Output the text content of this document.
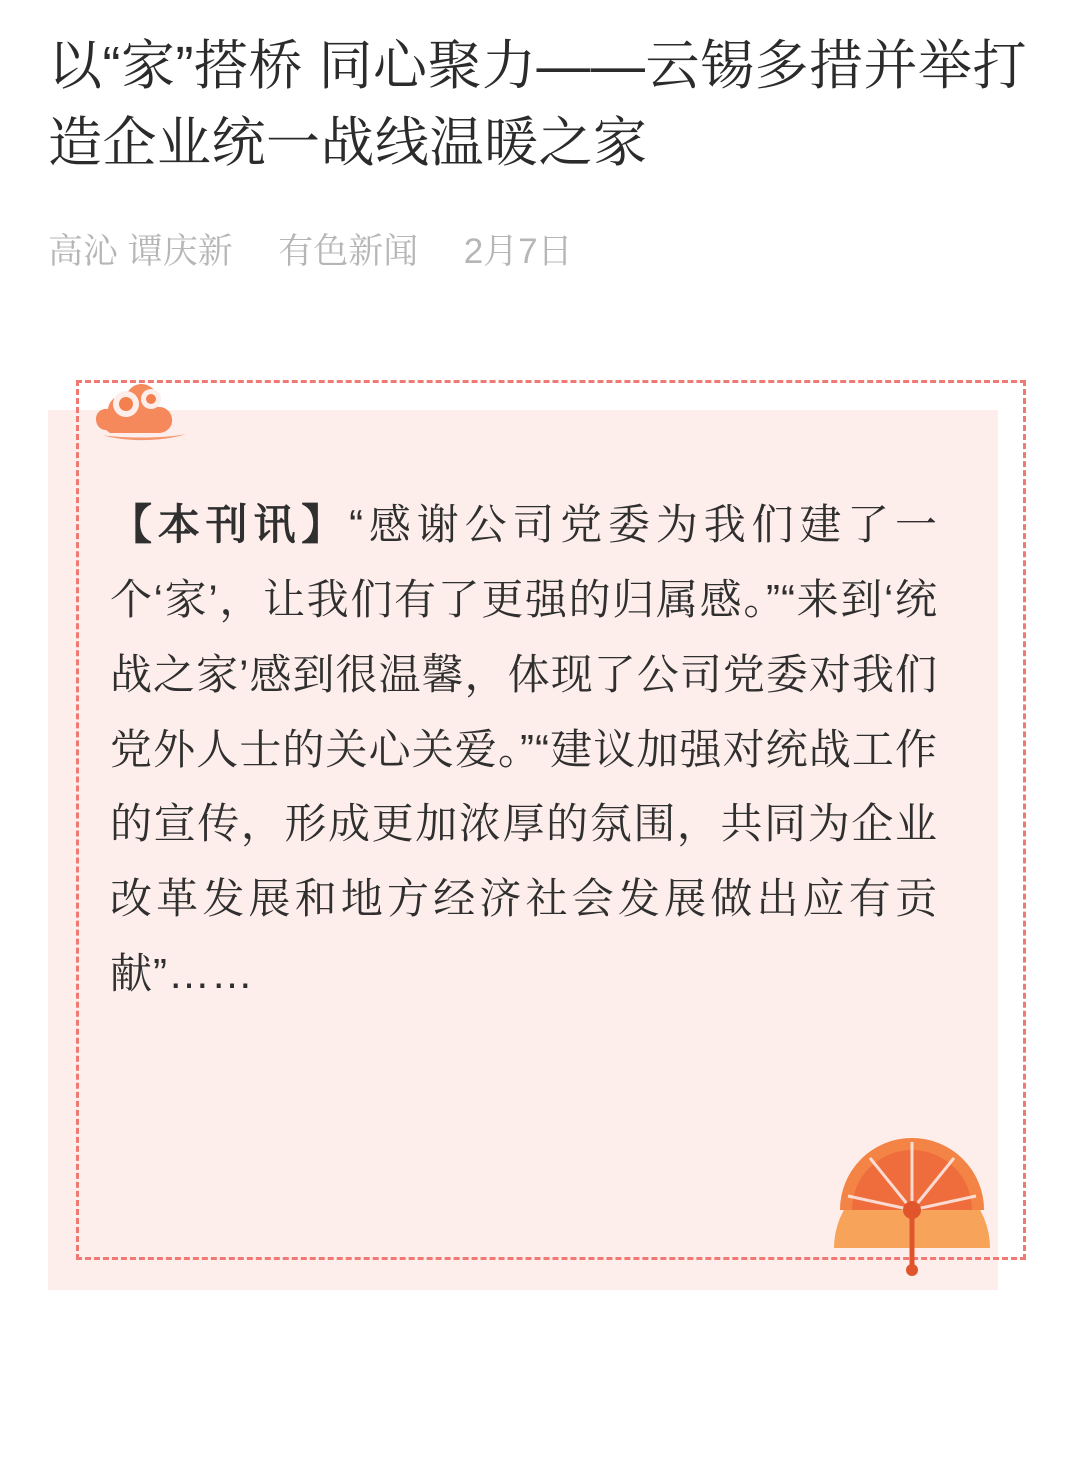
以“家”搭桥 同心聚力——云锡多措并举打造企业统一战线温暖之家
高沁 谭庆新 有色新闻 2月7日

【本刊讯】“感谢公司党委为我们建了一个‘家’，让我们有了更强的归属感。”“来到‘统战之家’感到很温馨，体现了公司党委对我们党外人士的关心关爱。”“建议加强对统战工作的宣传，形成更加浓厚的氛围，共同为企业改革发展和地方经济社会发展做出应有贡献”……
